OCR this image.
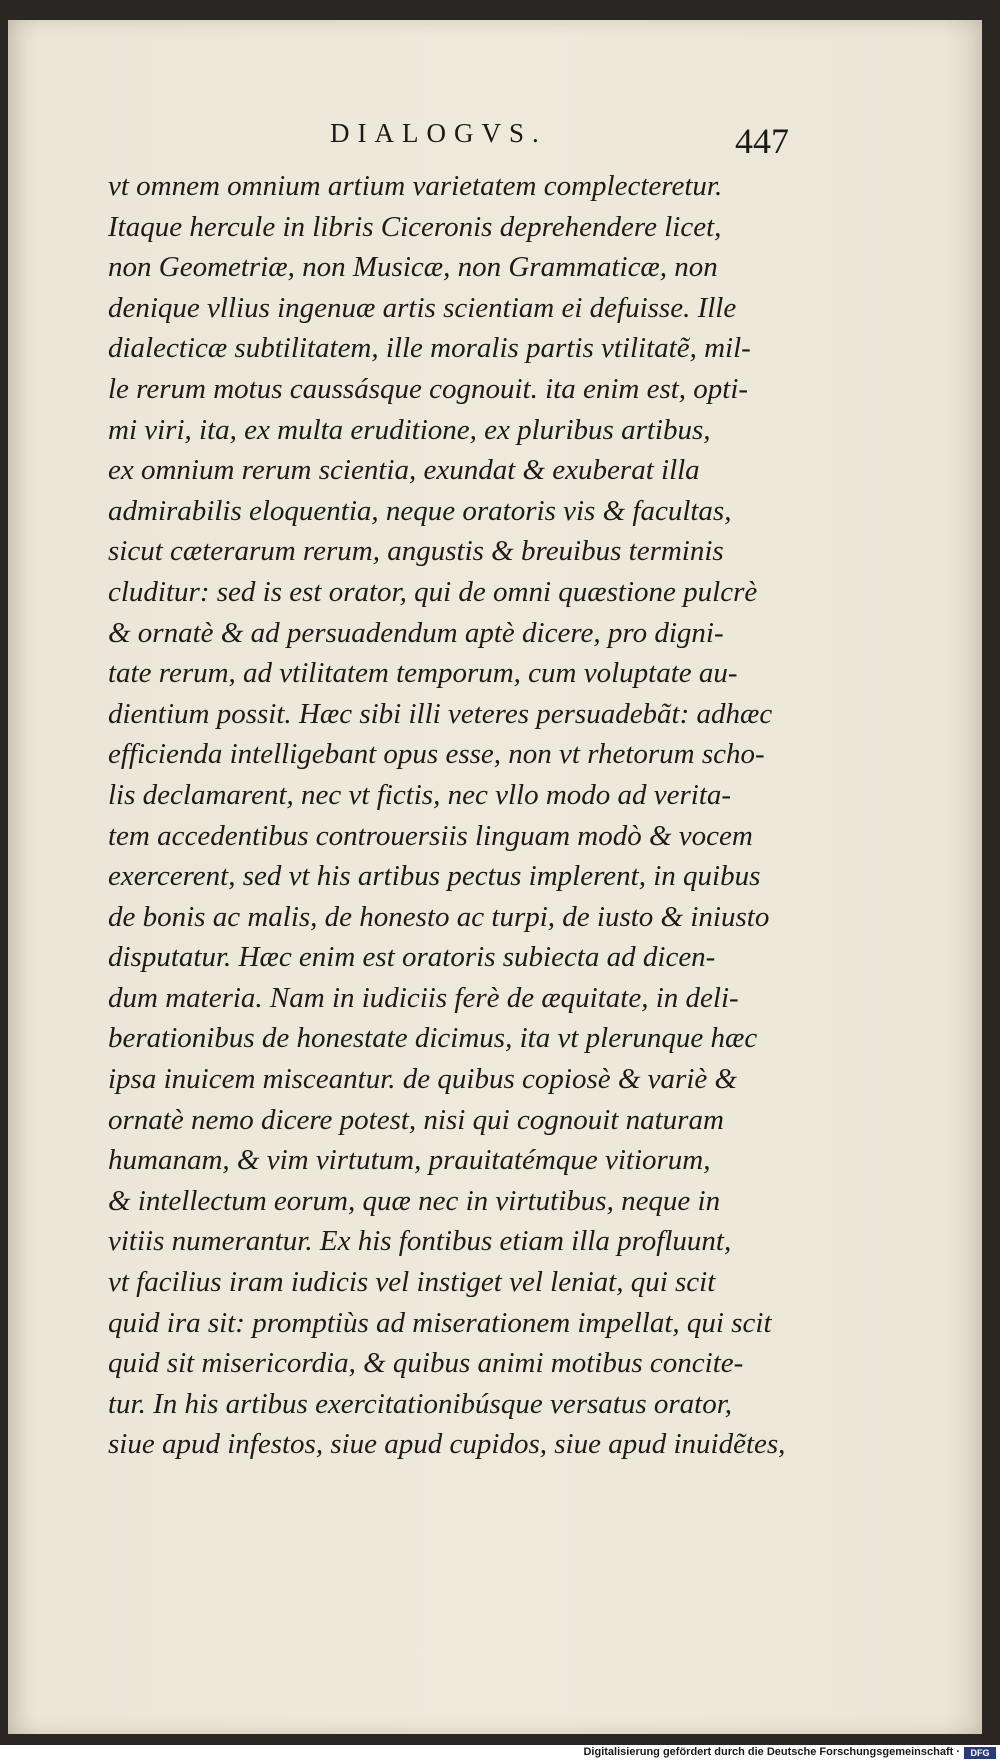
DIALOGVS.	447
vt omnem omnium artium varietatem complecteretur.
Itaque hercule in libris Ciceronis deprehendere licet,
non Geometriæ, non Musicæ, non Grammaticæ, non
denique vllius ingenuæ artis scientiam ei defuisse. Ille
dialecticæ subtilitatem, ille moralis partis vtilitatẽ, mil-
le rerum motus caussásque cognouit. ita enim est, opti-
mi viri, ita, ex multa eruditione, ex pluribus artibus,
ex omnium rerum scientia, exundat & exuberat illa
admirabilis eloquentia, neque oratoris vis & facultas,
sicut cæterarum rerum, angustis & breuibus terminis
cluditur: sed is est orator, qui de omni quæstione pulcrè
& ornatè & ad persuadendum aptè dicere, pro digni-
tate rerum, ad vtilitatem temporum, cum voluptate au-
dientium possit. Hæc sibi illi veteres persuadebãt: adhæc
efficienda intelligebant opus esse, non vt rhetorum scho-
lis declamarent, nec vt fictis, nec vllo modo ad verita-
tem accedentibus controuersiis linguam modò & vocem
exercerent, sed vt his artibus pectus implerent, in quibus
de bonis ac malis, de honesto ac turpi, de iusto & iniusto
disputatur. Hæc enim est oratoris subiecta ad dicen-
dum materia. Nam in iudiciis ferè de æquitate, in deli-
berationibus de honestate dicimus, ita vt plerunque hæc
ipsa inuicem misceantur. de quibus copiosè & variè &
ornatè nemo dicere potest, nisi qui cognouit naturam
humanam, & vim virtutum, prauitatémque vitiorum,
& intellectum eorum, quæ nec in virtutibus, neque in
vitiis numerantur. Ex his fontibus etiam illa profluunt,
vt facilius iram iudicis vel instiget vel leniat, qui scit
quid ira sit: promptiùs ad miserationem impellat, qui scit
quid sit misericordia, & quibus animi motibus concite-
tur. In his artibus exercitationibúsque versatus orator,
siue apud infestos, siue apud cupidos, siue apud inuidẽtes,
Digitalisierung gefördert durch die Deutsche Forschungsgemeinschaft ·	DFG
